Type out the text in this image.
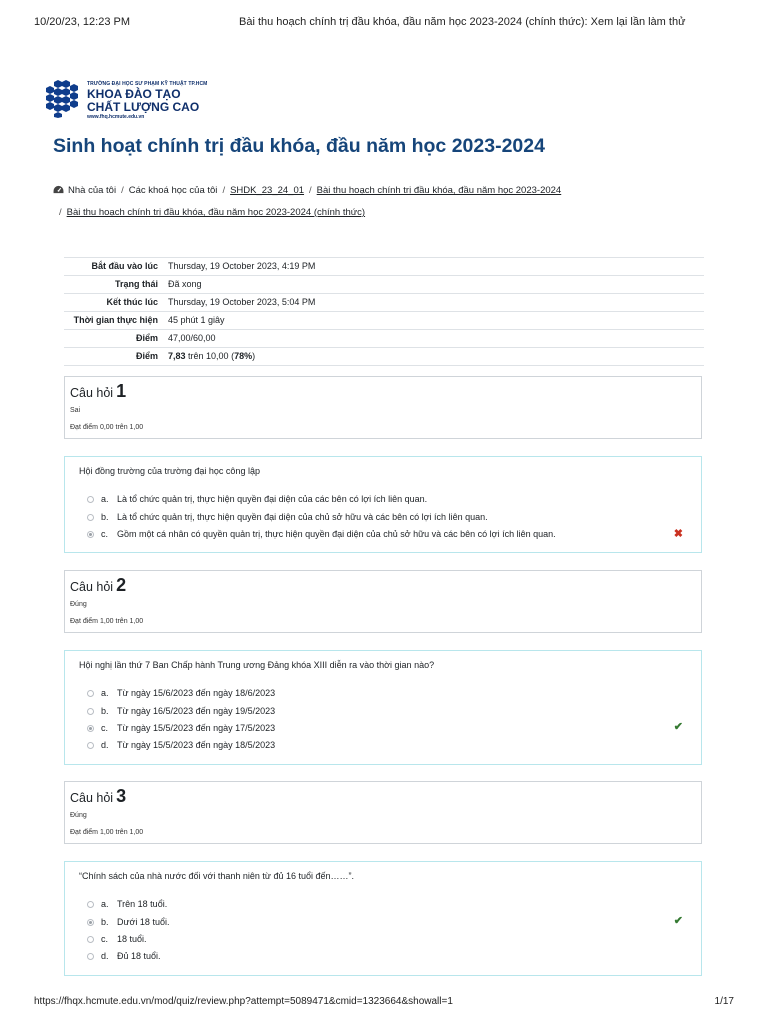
10/20/23, 12:23 PM	Bài thu hoạch chính trị đầu khóa, đầu năm học 2023-2024 (chính thức): Xem lại lần làm thử
TRƯỜNG ĐẠI HỌC SƯ PHẠM KỸ THUẬT TP.HCM
KHOA ĐÀO TẠO
CHẤT LƯỢNG CAO
www.fhq.hcmute.edu.vn
Sinh hoạt chính trị đầu khóa, đầu năm học 2023-2024
Nhà của tôi / Các khoá học của tôi / SHDK_23_24_01 / Bài thu hoạch chính trị đầu khóa, đầu năm học 2023-2024
/ Bài thu hoạch chính trị đầu khóa, đầu năm học 2023-2024 (chính thức)
Bắt đầu vào lúc	Thursday, 19 October 2023, 4:19 PM
Trạng thái	Đã xong
Kết thúc lúc	Thursday, 19 October 2023, 5:04 PM
Thời gian thực hiện	45 phút 1 giây
Điểm	47,00/60,00
Điểm	7,83 trên 10,00 (78%)
Câu hỏi 1
Sai
Đạt điểm 0,00 trên 1,00
Hội đồng trường của trường đại học công lập
a. Là tổ chức quản trị, thực hiện quyền đại diện của các bên có lợi ích liên quan.
b. Là tổ chức quản trị, thực hiện quyền đại diện của chủ sở hữu và các bên có lợi ích liên quan.
c. Gồm một cá nhân có quyền quản trị, thực hiện quyền đại diện của chủ sở hữu và các bên có lợi ích liên quan.	✖
Câu hỏi 2
Đúng
Đạt điểm 1,00 trên 1,00
Hội nghị lần thứ 7 Ban Chấp hành Trung ương Đảng khóa XIII diễn ra vào thời gian nào?
a. Từ ngày 15/6/2023 đến ngày 18/6/2023
b. Từ ngày 16/5/2023 đến ngày 19/5/2023
c. Từ ngày 15/5/2023 đến ngày 17/5/2023
d. Từ ngày 15/5/2023 đến ngày 18/5/2023
✔
Câu hỏi 3
Đúng
Đạt điểm 1,00 trên 1,00
“Chính sách của nhà nước đối với thanh niên từ đủ 16 tuổi đến……”.
a. Trên 18 tuổi.
b. Dưới 18 tuổi.
c. 18 tuổi.
d. Đủ 18 tuổi.
✔
https://fhqx.hcmute.edu.vn/mod/quiz/review.php?attempt=5089471&cmid=1323664&showall=1	1/17
